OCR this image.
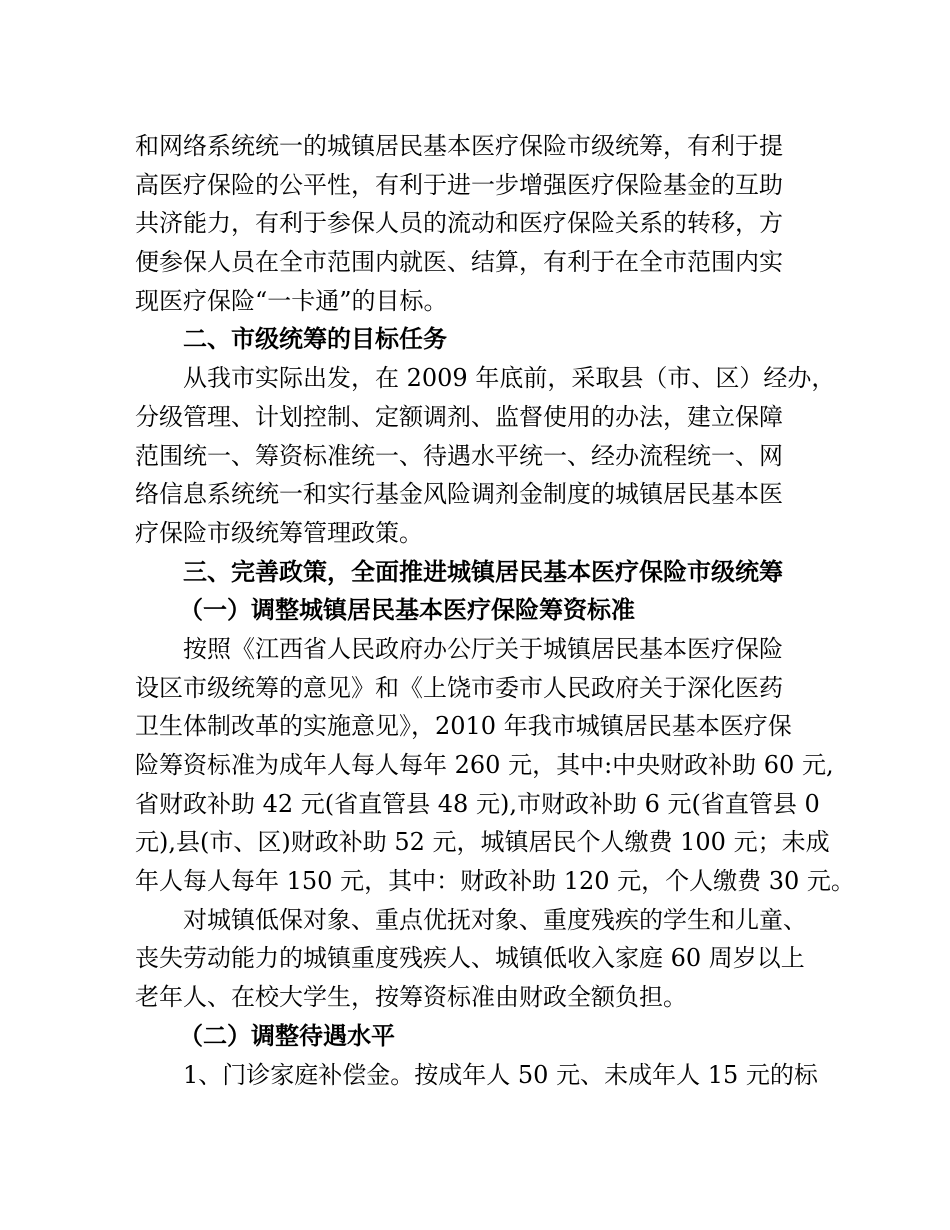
和网络系统统一的城镇居民基本医疗保险市级统筹，有利于提
高医疗保险的公平性，有利于进一步增强医疗保险基金的互助
共济能力，有利于参保人员的流动和医疗保险关系的转移，方
便参保人员在全市范围内就医、结算，有利于在全市范围内实
现医疗保险“一卡通”的目标。
二、市级统筹的目标任务
从我市实际出发，在 2009 年底前，采取县（市、区）经办，
分级管理、计划控制、定额调剂、监督使用的办法，建立保障
范围统一、筹资标准统一、待遇水平统一、经办流程统一、网
络信息系统统一和实行基金风险调剂金制度的城镇居民基本医
疗保险市级统筹管理政策。
三、完善政策，全面推进城镇居民基本医疗保险市级统筹
（一）调整城镇居民基本医疗保险筹资标准
按照《江西省人民政府办公厅关于城镇居民基本医疗保险
设区市级统筹的意见》和《上饶市委市人民政府关于深化医药
卫生体制改革的实施意见》，2010 年我市城镇居民基本医疗保
险筹资标准为成年人每人每年 260 元，其中:中央财政补助 60 元,
省财政补助 42 元(省直管县 48 元),市财政补助 6 元(省直管县 0
元),县(市、区)财政补助 52 元，城镇居民个人缴费 100 元；未成
年人每人每年 150 元，其中：财政补助 120 元，个人缴费 30 元。
对城镇低保对象、重点优抚对象、重度残疾的学生和儿童、
丧失劳动能力的城镇重度残疾人、城镇低收入家庭 60 周岁以上
老年人、在校大学生，按筹资标准由财政全额负担。
（二）调整待遇水平
1、门诊家庭补偿金。按成年人 50 元、未成年人 15 元的标
